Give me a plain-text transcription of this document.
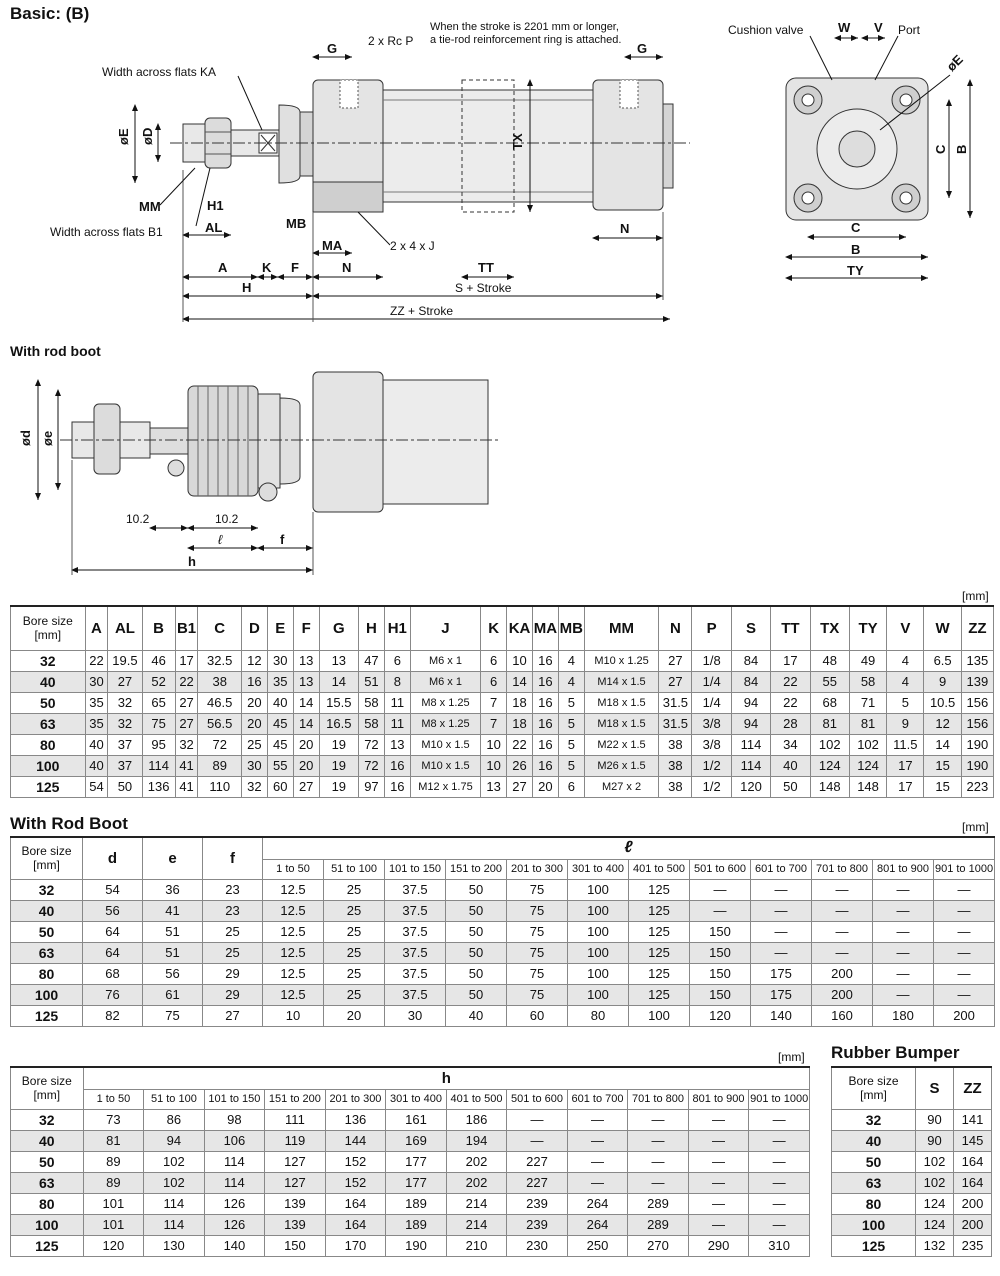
Basic: (B)
With rod boot
Width across flats KA
Width across flats B1
2 x Rc P
When the stroke is 2201 mm or longer,
a tie-rod reinforcement ring is attached.
G	G
øE øD
MM	H1
AL	MB
MA	2 x 4 x J
TX
N
A	K F	N	TT
H	S + Stroke
ZZ + Stroke
Cushion valve	W V Port
øE
C
B
TY
C B
ød øe
10.2	10.2
ℓ	f
h
[mm]
Bore size
[mm]	A	AL	B	B1	C	D	E	F	G	H	H1	J	K	KA	MA	MB	MM	N	P	S	TT	TX	TY	V	W	ZZ
32	22	19.5	46	17	32.5	12	30	13	13	47	6	M6 x 1	6	10	16	4	M10 x 1.25	27	1/8	84	17	48	49	4	6.5	135
40	30	27	52	22	38	16	35	13	14	51	8	M6 x 1	6	14	16	4	M14 x 1.5	27	1/4	84	22	55	58	4	9	139
50	35	32	65	27	46.5	20	40	14	15.5	58	11	M8 x 1.25	7	18	16	5	M18 x 1.5	31.5	1/4	94	22	68	71	5	10.5	156
63	35	32	75	27	56.5	20	45	14	16.5	58	11	M8 x 1.25	7	18	16	5	M18 x 1.5	31.5	3/8	94	28	81	81	9	12	156
80	40	37	95	32	72	25	45	20	19	72	13	M10 x 1.5	10	22	16	5	M22 x 1.5	38	3/8	114	34	102	102	11.5	14	190
100	40	37	114	41	89	30	55	20	19	72	16	M10 x 1.5	10	26	16	5	M26 x 1.5	38	1/2	114	40	124	124	17	15	190
125	54	50	136	41	110	32	60	27	19	97	16	M12 x 1.75	13	27	20	6	M27 x 2	38	1/2	120	50	148	148	17	15	223
With Rod Boot	[mm]
Bore size
[mm]	d	e	f	ℓ											
				1 to 50	51 to 100	101 to 150	151 to 200	201 to 300	301 to 400	401 to 500	501 to 600	601 to 700	701 to 800	801 to 900	901 to 1000
32	54	36	23	12.5	25	37.5	50	75	100	125	—	—	—	—	—
40	56	41	23	12.5	25	37.5	50	75	100	125	—	—	—	—	—
50	64	51	25	12.5	25	37.5	50	75	100	125	150	—	—	—	—
63	64	51	25	12.5	25	37.5	50	75	100	125	150	—	—	—	—
80	68	56	29	12.5	25	37.5	50	75	100	125	150	175	200	—	—
100	76	61	29	12.5	25	37.5	50	75	100	125	150	175	200	—	—
125	82	75	27	10	20	30	40	60	80	100	120	140	160	180	200
[mm]
Bore size
[mm]	h											
	1 to 50	51 to 100	101 to 150	151 to 200	201 to 300	301 to 400	401 to 500	501 to 600	601 to 700	701 to 800	801 to 900	901 to 1000
32	73	86	98	111	136	161	186	—	—	—	—	—
40	81	94	106	119	144	169	194	—	—	—	—	—
50	89	102	114	127	152	177	202	227	—	—	—	—
63	89	102	114	127	152	177	202	227	—	—	—	—
80	101	114	126	139	164	189	214	239	264	289	—	—
100	101	114	126	139	164	189	214	239	264	289	—	—
125	120	130	140	150	170	190	210	230	250	270	290	310
Rubber Bumper
Bore size
[mm]	S	ZZ
32	90	141
40	90	145
50	102	164
63	102	164
80	124	200
100	124	200
125	132	235
